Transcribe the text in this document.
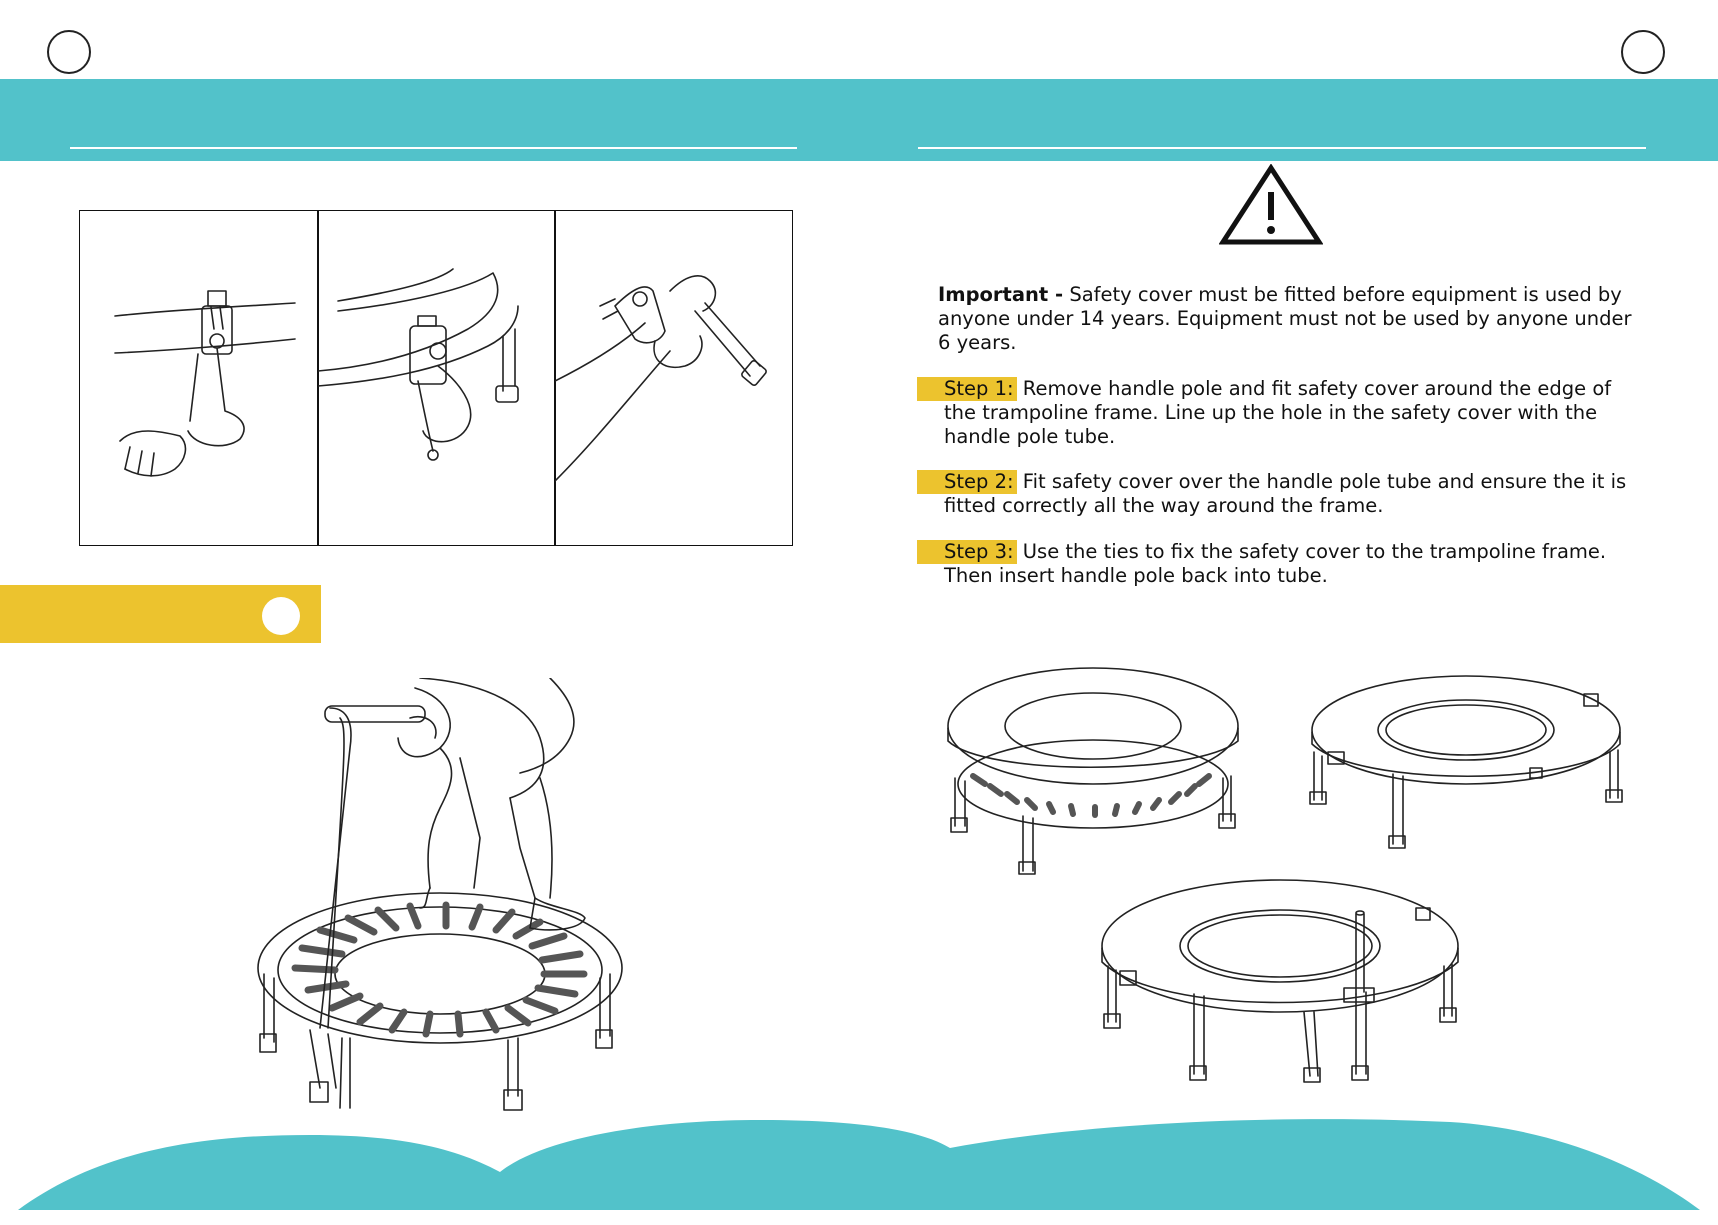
Important - Safety cover must be fitted before equipment is used by anyone under 14 years. Equipment must not be used by anyone under 6 years.
Step 1: Remove handle pole and fit safety cover around the edge of the trampoline frame. Line up the hole in the safety cover with the handle pole tube.
Step 2: Fit safety cover over the handle pole tube and ensure the it is fitted correctly all the way around the frame.
Step 3: Use the ties to fix the safety cover to the trampoline frame. Then insert handle pole back into tube.
